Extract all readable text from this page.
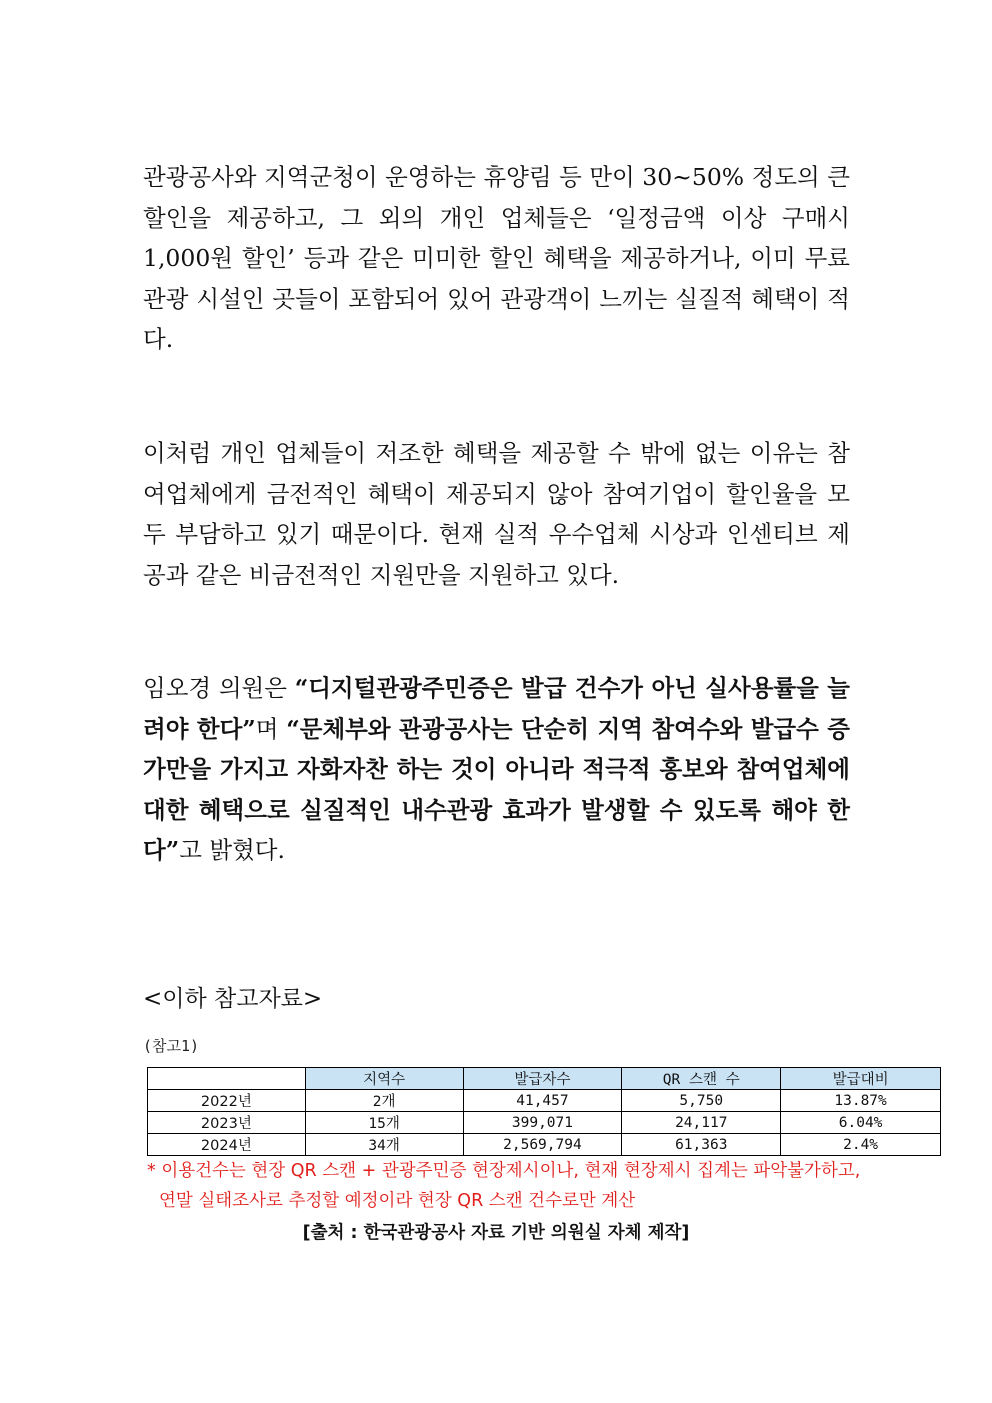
관광공사와 지역군청이 운영하는 휴양림 등 만이 30~50% 정도의 큰 할인을 제공하고, 그 외의 개인 업체들은 ‘일정금액 이상 구매시 1,000원 할인’ 등과 같은 미미한 할인 혜택을 제공하거나, 이미 무료 관광 시설인 곳들이 포함되어 있어 관광객이 느끼는 실질적 혜택이 적다.
이처럼 개인 업체들이 저조한 혜택을 제공할 수 밖에 없는 이유는 참여업체에게 금전적인 혜택이 제공되지 않아 참여기업이 할인율을 모두 부담하고 있기 때문이다. 현재 실적 우수업체 시상과 인센티브 제공과 같은 비금전적인 지원만을 지원하고 있다.
임오경 의원은 “디지털관광주민증은 발급 건수가 아닌 실사용률을 늘려야 한다”며 “문체부와 관광공사는 단순히 지역 참여수와 발급수 증가만을 가지고 자화자찬 하는 것이 아니라 적극적 홍보와 참여업체에 대한 혜택으로 실질적인 내수관광 효과가 발생할 수 있도록 해야 한다”고 밝혔다.
<이하 참고자료>
(참고1)
	지역수	발급자수	QR 스캔 수	발급대비
2022년	2개	41,457	5,750	13.87%
2023년	15개	399,071	24,117	6.04%
2024년	34개	2,569,794	61,363	2.4%
* 이용건수는 현장 QR 스캔 + 관광주민증 현장제시이나, 현재 현장제시 집계는 파악불가하고,
연말 실태조사로 추정할 예정이라 현장 QR 스캔 건수로만 계산
[출처 : 한국관광공사 자료 기반 의원실 자체 제작]
